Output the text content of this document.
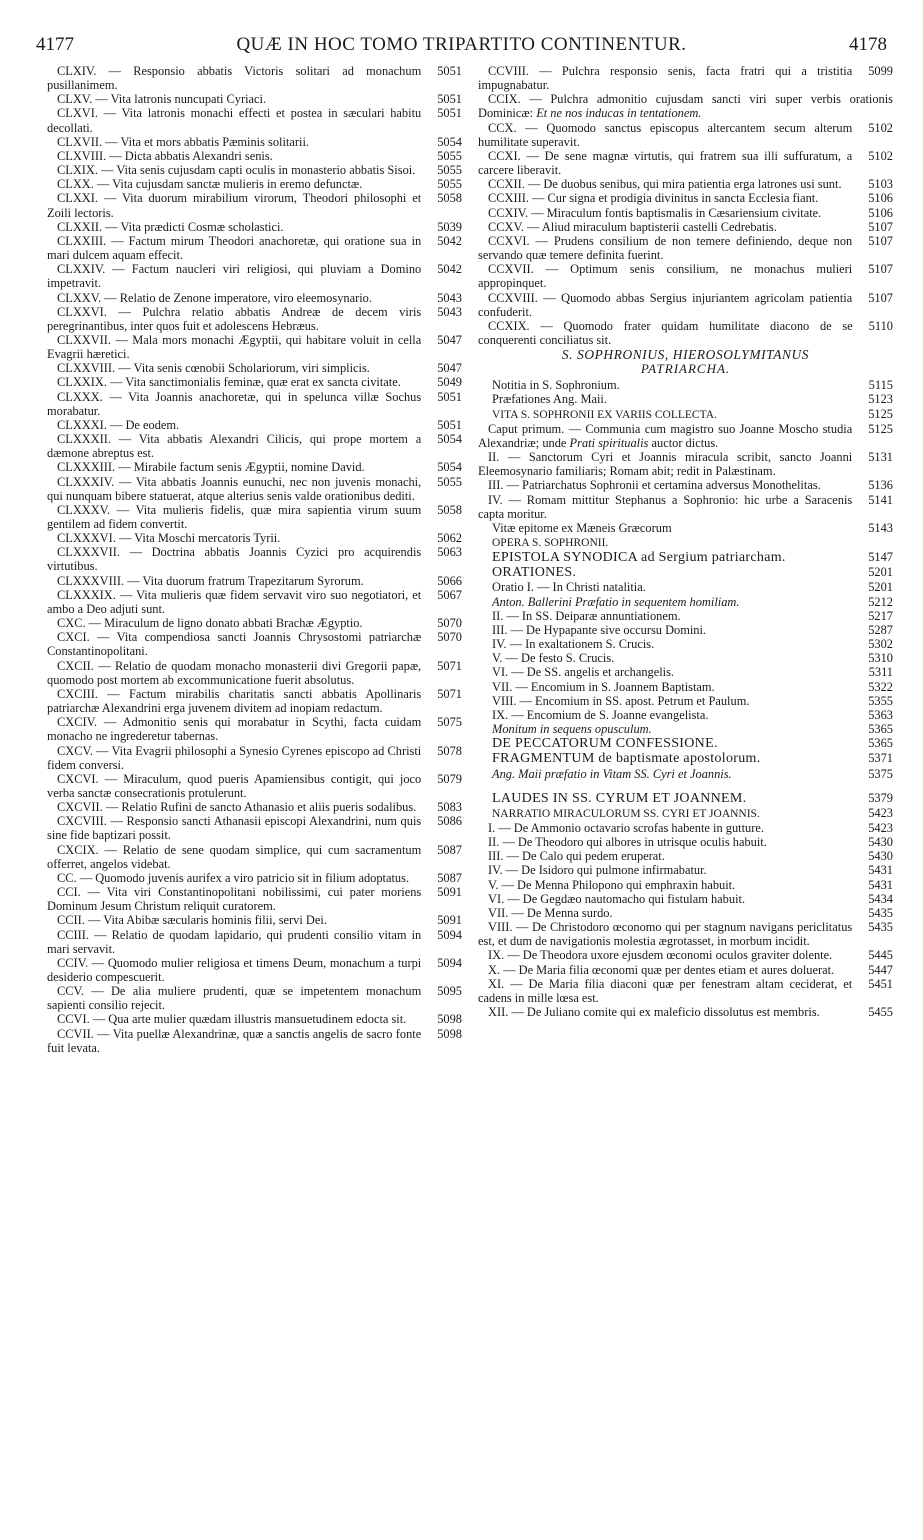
4177	QUÆ IN HOC TOMO TRIPARTITO CONTINENTUR.	4178

5051
CLXIV. — Responsio abbatis Victoris solitari ad monachum pusillanimem.

5051
CLXV. — Vita latronis nuncupati Cyriaci.

5051
CLXVI. — Vita latronis monachi effecti et postea in sæculari habitu decollati.

5054
CLXVII. — Vita et mors abbatis Pæminis solitarii.

5055
CLXVIII. — Dicta abbatis Alexandri senis.

5055
CLXIX. — Vita senis cujusdam capti oculis in monasterio abbatis Sisoi.

5055
CLXX. — Vita cujusdam sanctæ mulieris in eremo defunctæ.

5058
CLXXI. — Vita duorum mirabilium virorum, Theodori philosophi et Zoili lectoris.

5039
CLXXII. — Vita prædicti Cosmæ scholastici.

5042
CLXXIII. — Factum mirum Theodori anachoretæ, qui oratione sua in mari dulcem aquam effecit.

5042
CLXXIV. — Factum naucleri viri religiosi, qui pluviam a Domino impetravit.

5043
CLXXV. — Relatio de Zenone imperatore, viro eleemosynario.

5043
CLXXVI. — Pulchra relatio abbatis Andreæ de decem viris peregrinantibus, inter quos fuit et adolescens Hebræus.

5047
CLXXVII. — Mala mors monachi Ægyptii, qui habitare voluit in cella Evagrii hæretici.

5047
CLXXVIII. — Vita senis cœnobii Scholariorum, viri simplicis.

5049
CLXXIX. — Vita sanctimonialis feminæ, quæ erat ex sancta civitate.

5051
CLXXX. — Vita Joannis anachoretæ, qui in spelunca villæ Sochus morabatur.

5051
CLXXXI. — De eodem.

5054
CLXXXII. — Vita abbatis Alexandri Cilicis, qui prope mortem a dæmone abreptus est.

5054
CLXXXIII. — Mirabile factum senis Ægyptii, nomine David.

5055
CLXXXIV. — Vita abbatis Joannis eunuchi, nec non juvenis monachi, qui nunquam bibere statuerat, atque alterius senis valde orationibus dediti.

5058
CLXXXV. — Vita mulieris fidelis, quæ mira sapientia virum suum gentilem ad fidem convertit.

5062
CLXXXVI. — Vita Moschi mercatoris Tyrii.

5063
CLXXXVII. — Doctrina abbatis Joannis Cyzici pro acquirendis virtutibus.

5066
CLXXXVIII. — Vita duorum fratrum Trapezitarum Syrorum.

5067
CLXXXIX. — Vita mulieris quæ fidem servavit viro suo negotiatori, et ambo a Deo adjuti sunt.

5070
CXC. — Miraculum de ligno donato abbati Brachæ Ægyptio.

5070
CXCI. — Vita compendiosa sancti Joannis Chrysostomi patriarchæ Constantinopolitani.

5071
CXCII. — Relatio de quodam monacho monasterii divi Gregorii papæ, quomodo post mortem ab excommunicatione fuerit absolutus.

5071
CXCIII. — Factum mirabilis charitatis sancti abbatis Apollinaris patriarchæ Alexandrini erga juvenem divitem ad inopiam redactum.

5075
CXCIV. — Admonitio senis qui morabatur in Scythi, facta cuidam monacho ne ingrederetur tabernas.

5078
CXCV. — Vita Evagrii philosophi a Synesio Cyrenes episcopo ad Christi fidem conversi.

5079
CXCVI. — Miraculum, quod pueris Apamiensibus contigit, qui joco verba sanctæ consecrationis protulerunt.

5083
CXCVII. — Relatio Rufini de sancto Athanasio et aliis pueris sodalibus.

5086
CXCVIII. — Responsio sancti Athanasii episcopi Alexandrini, num quis sine fide baptizari possit.

5087
CXCIX. — Relatio de sene quodam simplice, qui cum sacramentum offerret, angelos videbat.

5087
CC. — Quomodo juvenis aurifex a viro patricio sit in filium adoptatus.

5091
CCI. — Vita viri Constantinopolitani nobilissimi, cui pater moriens Dominum Jesum Christum reliquit curatorem.

5091
CCII. — Vita Abibæ sæcularis hominis filii, servi Dei.

5094
CCIII. — Relatio de quodam lapidario, qui prudenti consilio vitam in mari servavit.

5094
CCIV. — Quomodo mulier religiosa et timens Deum, monachum a turpi desiderio compescuerit.

5095
CCV. — De alia muliere prudenti, quæ se impetentem monachum sapienti consilio rejecit.

5098
CCVI. — Qua arte mulier quædam illustris mansuetudinem edocta sit.

5098
CCVII. — Vita puellæ Alexandrinæ, quæ a sanctis angelis de sacro fonte fuit levata.

5099
CCVIII. — Pulchra responsio senis, facta fratri qui a tristitia impugnabatur.

CCIX. — Pulchra admonitio cujusdam sancti viri super verbis orationis Dominicæ: Et ne nos inducas in tentationem.

5102
CCX. — Quomodo sanctus episcopus altercantem secum alterum humilitate superavit.

5102
CCXI. — De sene magnæ virtutis, qui fratrem sua illi suffuratum, a carcere liberavit.

5103
CCXII. — De duobus senibus, qui mira patientia erga latrones usi sunt.

5106
CCXIII. — Cur signa et prodigia divinitus in sancta Ecclesia fiant.

5106
CCXIV. — Miraculum fontis baptismalis in Cæsariensium civitate.

5107
CCXV. — Aliud miraculum baptisterii castelli Cedrebatis.

5107
CCXVI. — Prudens consilium de non temere definiendo, deque non servando quæ temere definita fuerint.

5107
CCXVII. — Optimum senis consilium, ne monachus mulieri appropinquet.

5107
CCXVIII. — Quomodo abbas Sergius injuriantem agricolam patientia confuderit.

5110
CCXIX. — Quomodo frater quidam humilitate diacono de se conquerenti conciliatus sit.

S. SOPHRONIUS, HIEROSOLYMITANUS
PATRIARCHA.

5115
Notitia in S. Sophronium.

5123
Præfationes Ang. Maii.

5125
VITA S. SOPHRONII EX VARIIS COLLECTA.

5125
Caput primum. — Communia cum magistro suo Joanne Moscho studia Alexandriæ; unde Prati spiritualis auctor dictus.

5131
II. — Sanctorum Cyri et Joannis miracula scribit, sancto Joanni Eleemosynario familiaris; Romam abit; redit in Palæstinam.

5136
III. — Patriarchatus Sophronii et certamina adversus Monothelitas.

5141
IV. — Romam mittitur Stephanus a Sophronio: hic urbe a Saracenis capta moritur.

5143
Vitæ epitome ex Mæneis Græcorum

OPERA S. SOPHRONII.

5147
EPISTOLA SYNODICA ad Sergium patriarcham.

5201
ORATIONES.

5201
Oratio I. — In Christi natalitia.

5212
Anton. Ballerini Præfatio in sequentem homiliam.

5217
II. — In SS. Deiparæ annuntiationem.

5287
III. — De Hypapante sive occursu Domini.

5302
IV. — In exaltationem S. Crucis.

5310
V. — De festo S. Crucis.

5311
VI. — De SS. angelis et archangelis.

5322
VII. — Encomium in S. Joannem Baptistam.

5355
VIII. — Encomium in SS. apost. Petrum et Paulum.

5363
IX. — Encomium de S. Joanne evangelista.

5365
Monitum in sequens opusculum.

5365
DE PECCATORUM CONFESSIONE.

5371
FRAGMENTUM de baptismate apostolorum.

5375
Ang. Maii præfatio in Vitam SS. Cyri et Joannis.

5379
LAUDES IN SS. CYRUM ET JOANNEM.

5423
NARRATIO MIRACULORUM SS. CYRI ET JOANNIS.

5423
I. — De Ammonio octavario scrofas habente in gutture.

5430
II. — De Theodoro qui albores in utrisque oculis habuit.

5430
III. — De Calo qui pedem eruperat.

5431
IV. — De Isidoro qui pulmone infirmabatur.

5431
V. — De Menna Philopono qui emphraxin habuit.

5434
VI. — De Gegdæo nautomacho qui fistulam habuit.

5435
VII. — De Menna surdo.

5435
VIII. — De Christodoro œconomo qui per stagnum navigans periclitatus est, et dum de navigationis molestia ægrotasset, in morbum incidit.

5445
IX. — De Theodora uxore ejusdem œconomi oculos graviter dolente.

5447
X. — De Maria filia œconomi quæ per dentes etiam et aures doluerat.

5451
XI. — De Maria filia diaconi quæ per fenestram altam ceciderat, et cadens in mille lœsa est.

5455
XII. — De Juliano comite qui ex maleficio dissolutus est membris.
